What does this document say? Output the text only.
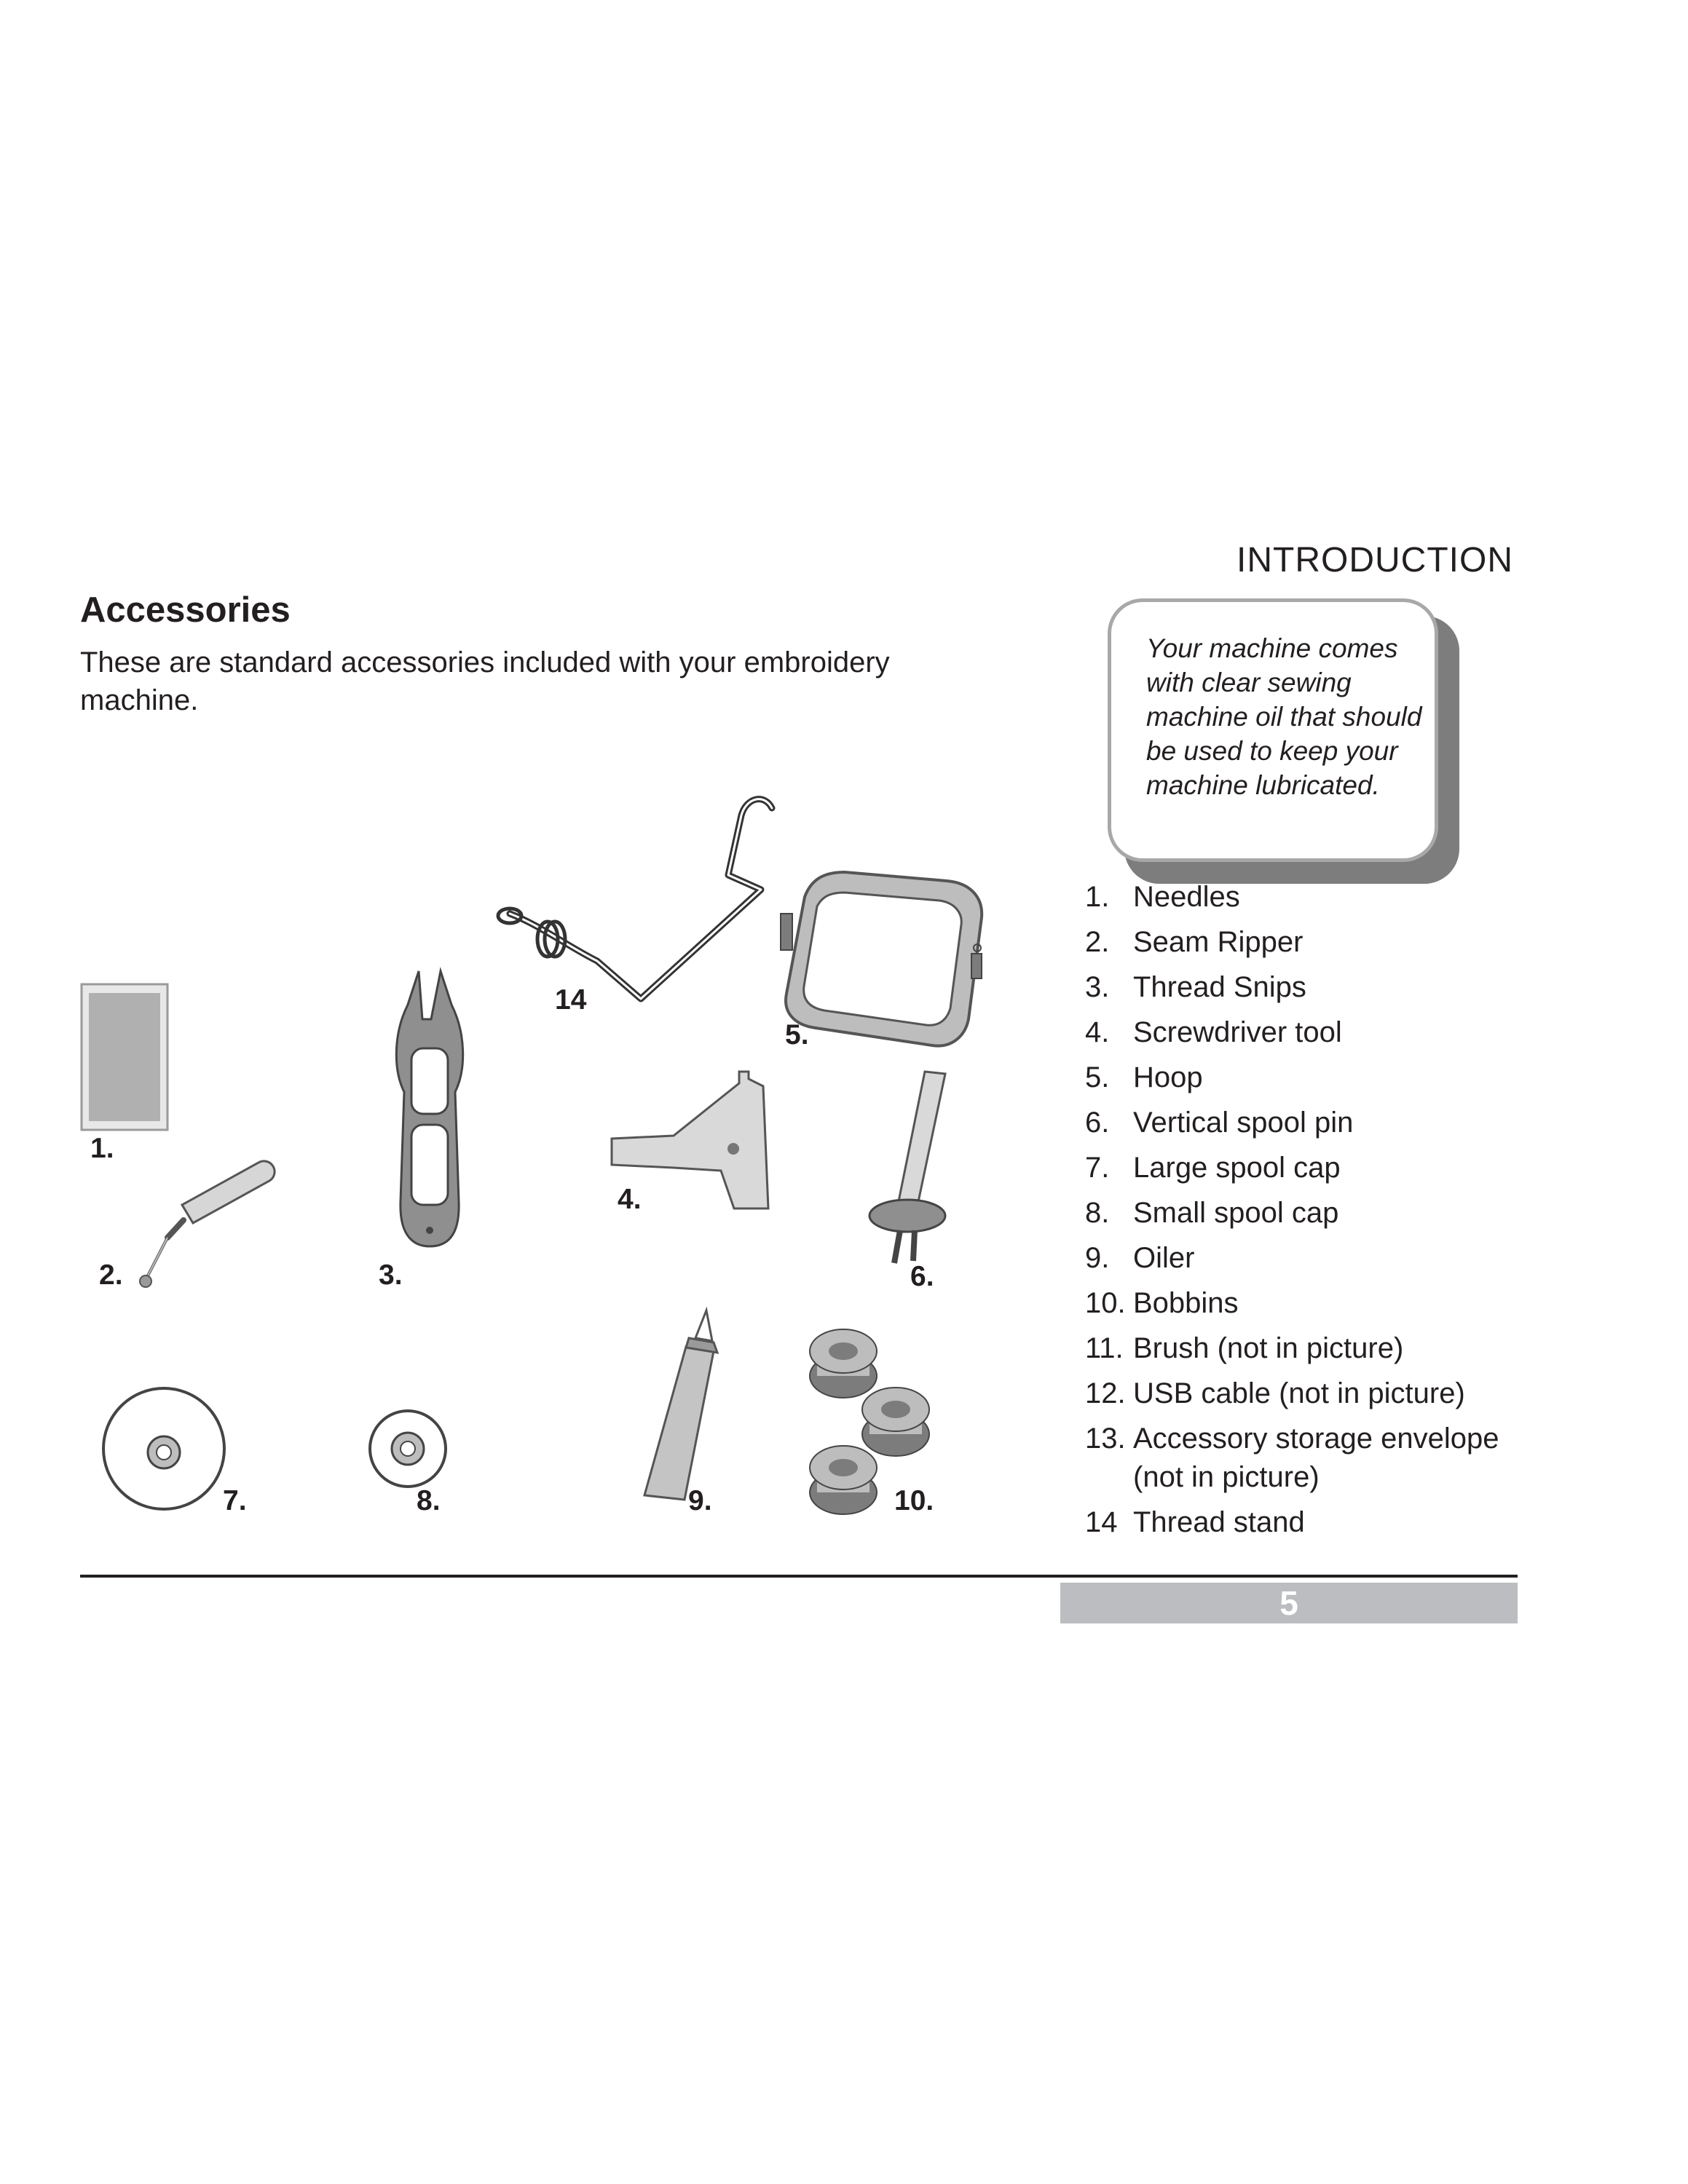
INTRODUCTION
Accessories
These are standard accessories included with your embroidery machine.
Your machine comes with clear sewing machine oil that should be used to keep your machine lubricated.
1. Needles
2. Seam Ripper
3. Thread Snips
4. Screwdriver tool
5. Hoop
6. Vertical spool pin
7. Large spool cap
8. Small spool cap
9. Oiler
10. Bobbins
11. Brush (not in picture)
12. USB cable (not in picture)
13. Accessory storage envelope (not in picture)
14 Thread stand
1.
2.	3.
14
5.
4.
6.
7.	8.	9.	10.
5
